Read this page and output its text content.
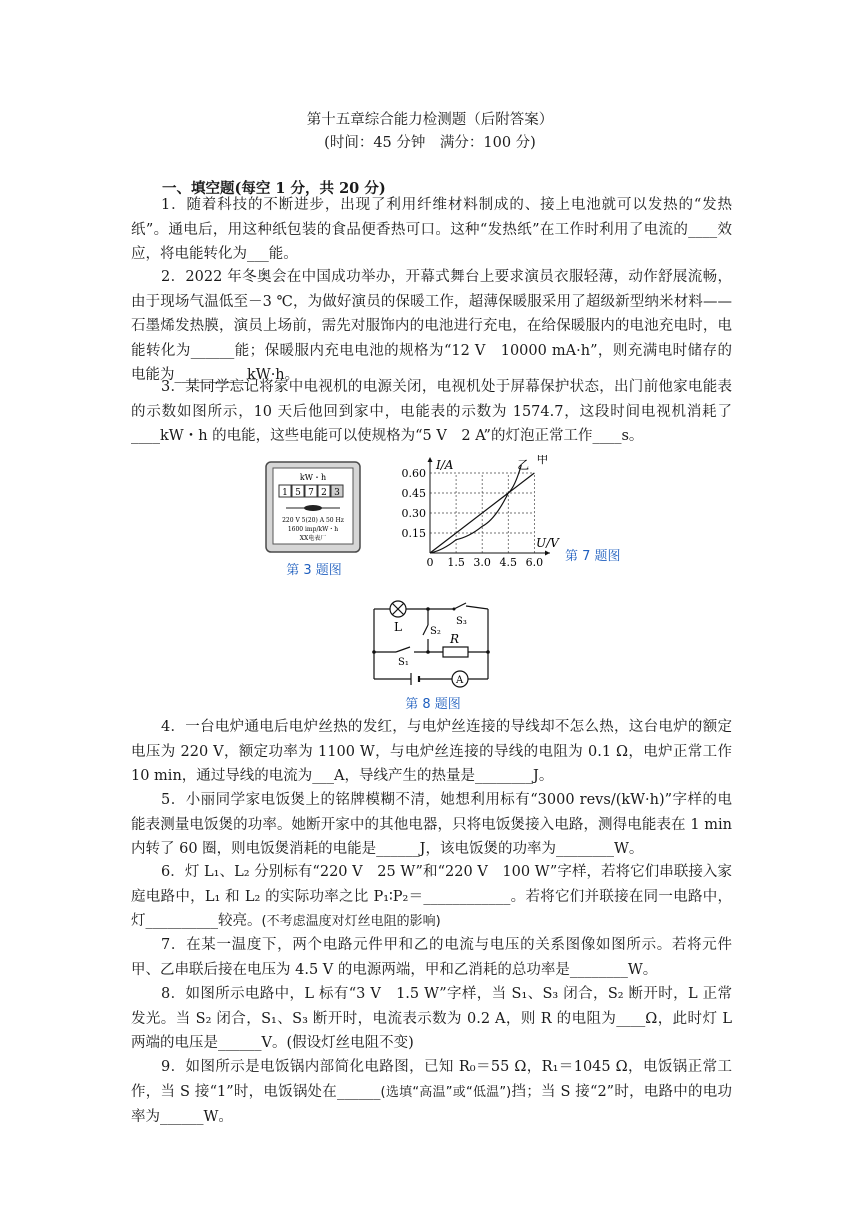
第十五章综合能力检测题（后附答案）
(时间：45 分钟　满分：100 分)
一、填空题(每空 1 分，共 20 分)

1．随着科技的不断进步，出现了利用纤维材料制成的、接上电池就可以发热的“发热纸”。通电后，用这种纸包装的食品便香热可口。这种“发热纸”在工作时利用了电流的____效应，将电能转化为___能。

2．2022 年冬奥会在中国成功举办，开幕式舞台上要求演员衣服轻薄，动作舒展流畅，由于现场气温低至－3 ℃，为做好演员的保暖工作，超薄保暖服采用了超级新型纳米材料——石墨烯发热膜，演员上场前，需先对服饰内的电池进行充电，在给保暖服内的电池充电时，电能转化为______能；保暖服内充电电池的规格为“12 V　10000 mA·h”，则充满电时储存的电能为__________kW·h。

3．某同学忘记将家中电视机的电源关闭，电视机处于屏幕保护状态，出门前他家电能表的示数如图所示，10 天后他回到家中，电能表的示数为 1574.7，这段时间电视机消耗了____kW・h 的电能，这些电能可以使规格为“5 V　2 A”的灯泡正常工作____s。

kW・h
1 5 7 2 3
220 V 5(20) A 50 Hz
1600 imp/kW・h
XX电表厂
第 3 题图
0 1.5 3.0 4.5 6.0
0.15
0.30
0.45
0.60
I/A
U/V
甲
乙
第 7 题图
L	S₃
S₂
R
S₁
A
第 8 题图

4．一台电炉通电后电炉丝热的发红，与电炉丝连接的导线却不怎么热，这台电炉的额定电压为 220 V，额定功率为 1100 W，与电炉丝连接的导线的电阻为 0.1 Ω，电炉正常工作 10 min，通过导线的电流为___A，导线产生的热量是________J。

5．小丽同学家电饭煲上的铭牌模糊不清，她想利用标有“3000 revs/(kW·h)”字样的电能表测量电饭煲的功率。她断开家中的其他电器，只将电饭煲接入电路，测得电能表在 1 min 内转了 60 圈，则电饭煲消耗的电能是______J，该电饭煲的功率为________W。

6．灯 L₁、L₂ 分别标有“220 V　25 W”和“220 V　100 W”字样，若将它们串联接入家庭电路中，L₁ 和 L₂ 的实际功率之比 P₁∶P₂＝____________。若将它们并联接在同一电路中，灯__________较亮。(不考虑温度对灯丝电阻的影响)

7．在某一温度下，两个电路元件甲和乙的电流与电压的关系图像如图所示。若将元件甲、乙串联后接在电压为 4.5 V 的电源两端，甲和乙消耗的总功率是________W。

8．如图所示电路中，L 标有“3 V　1.5 W”字样，当 S₁、S₃ 闭合，S₂ 断开时，L 正常发光。当 S₂ 闭合，S₁、S₃ 断开时，电流表示数为 0.2 A，则 R 的电阻为____Ω，此时灯 L 两端的电压是______V。(假设灯丝电阻不变)

9．如图所示是电饭锅内部简化电路图，已知 R₀＝55 Ω，R₁＝1045 Ω，电饭锅正常工作，当 S 接“1”时，电饭锅处在______(选填“高温”或“低温”)挡；当 S 接“2”时，电路中的电功率为______W。
